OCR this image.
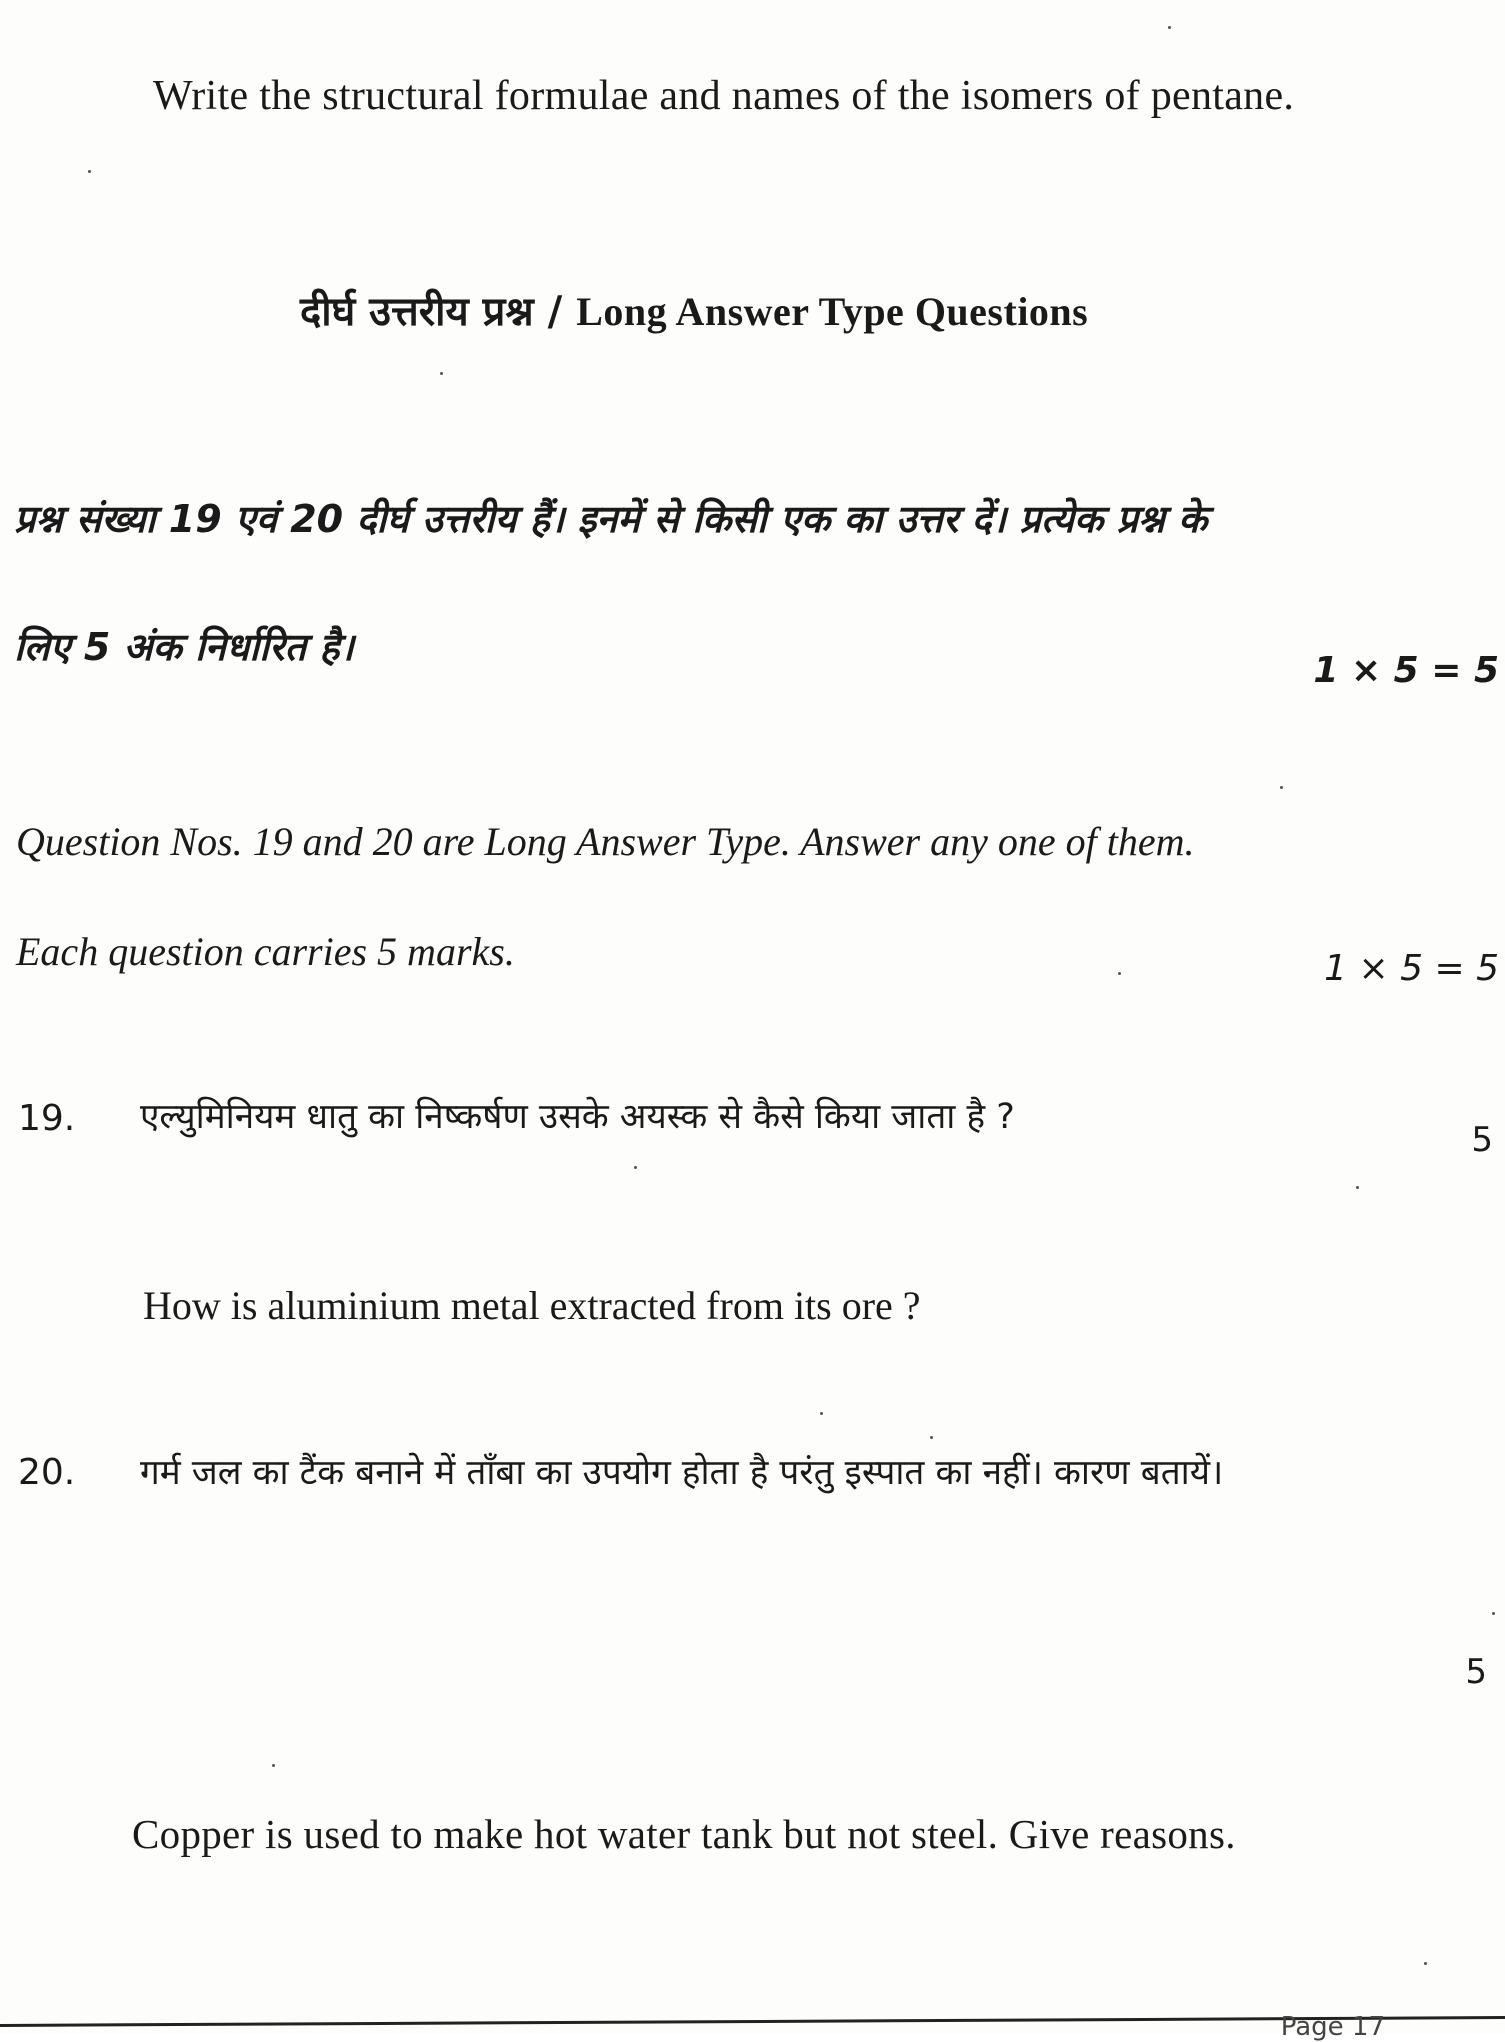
Write the structural formulae and names of the isomers of pentane.
दीर्घ उत्तरीय प्रश्न / Long Answer Type Questions
प्रश्न संख्या 19 एवं 20 दीर्घ उत्तरीय हैं। इनमें से किसी एक का उत्तर दें। प्रत्येक प्रश्न के
लिए 5 अंक निर्धारित है।
1 × 5 = 5
Question Nos. 19 and 20 are Long Answer Type. Answer any one of them.
Each question carries 5 marks.	1 × 5 = 5
19. एल्युमिनियम धातु का निष्कर्षण उसके अयस्क से कैसे किया जाता है ?
5
How is aluminium metal extracted from its ore ?
20. गर्म जल का टैंक बनाने में ताँबा का उपयोग होता है परंतु इस्पात का नहीं। कारण बतायें।
5
Copper is used to make hot water tank but not steel. Give reasons.
Page 17
